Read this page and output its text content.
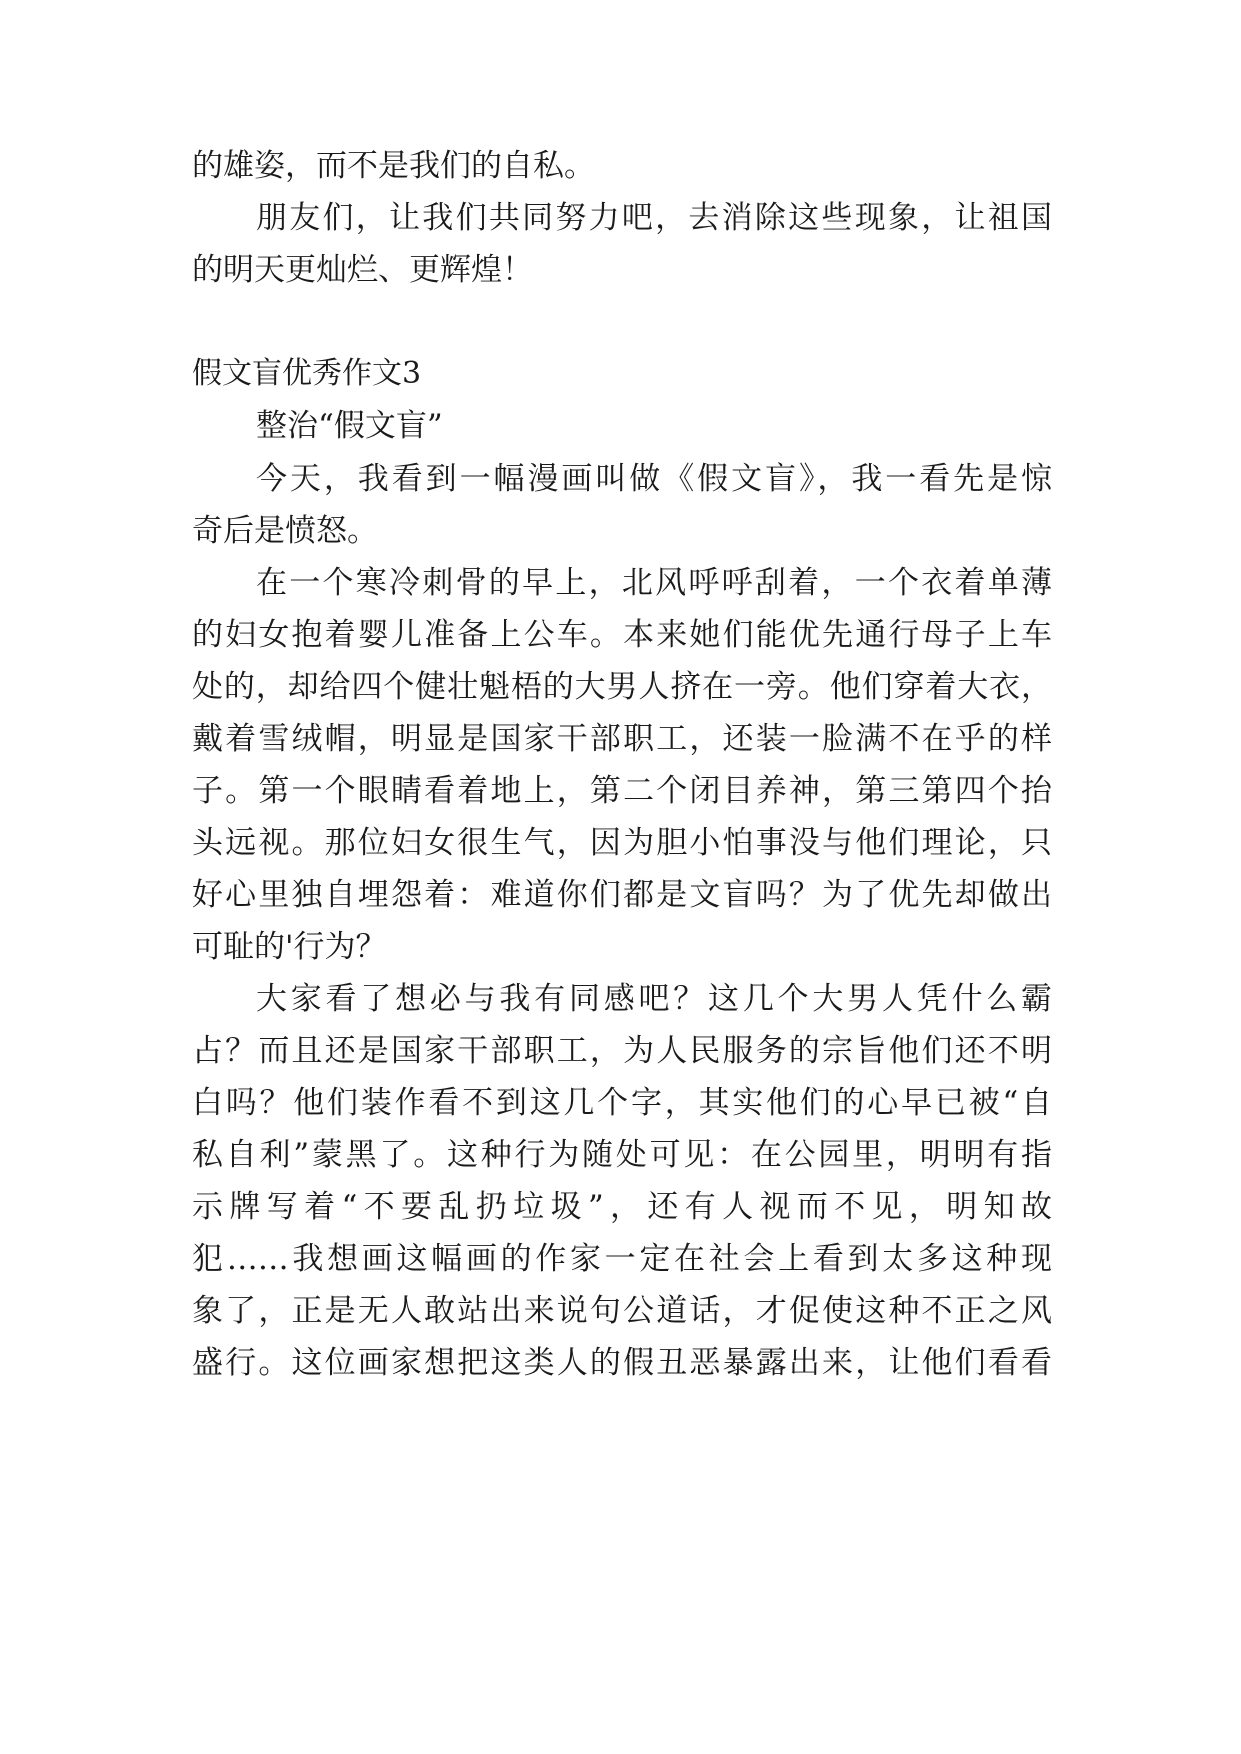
的雄姿，而不是我们的自私。
朋友们，让我们共同努力吧，去消除这些现象，让祖国
的明天更灿烂、更辉煌！
假文盲优秀作文3
整治“假文盲”
今天，我看到一幅漫画叫做《假文盲》，我一看先是惊
奇后是愤怒。
在一个寒冷刺骨的早上，北风呼呼刮着，一个衣着单薄
的妇女抱着婴儿准备上公车。本来她们能优先通行母子上车
处的，却给四个健壮魁梧的大男人挤在一旁。他们穿着大衣，
戴着雪绒帽，明显是国家干部职工，还装一脸满不在乎的样
子。第一个眼睛看着地上，第二个闭目养神，第三第四个抬
头远视。那位妇女很生气，因为胆小怕事没与他们理论，只
好心里独自埋怨着：难道你们都是文盲吗？为了优先却做出
可耻的'行为？
大家看了想必与我有同感吧？这几个大男人凭什么霸
占？而且还是国家干部职工，为人民服务的宗旨他们还不明
白吗？他们装作看不到这几个字，其实他们的心早已被“自
私自利”蒙黑了。这种行为随处可见：在公园里，明明有指
示牌写着“不要乱扔垃圾”，还有人视而不见，明知故
犯……我想画这幅画的作家一定在社会上看到太多这种现
象了，正是无人敢站出来说句公道话，才促使这种不正之风
盛行。这位画家想把这类人的假丑恶暴露出来，让他们看看
